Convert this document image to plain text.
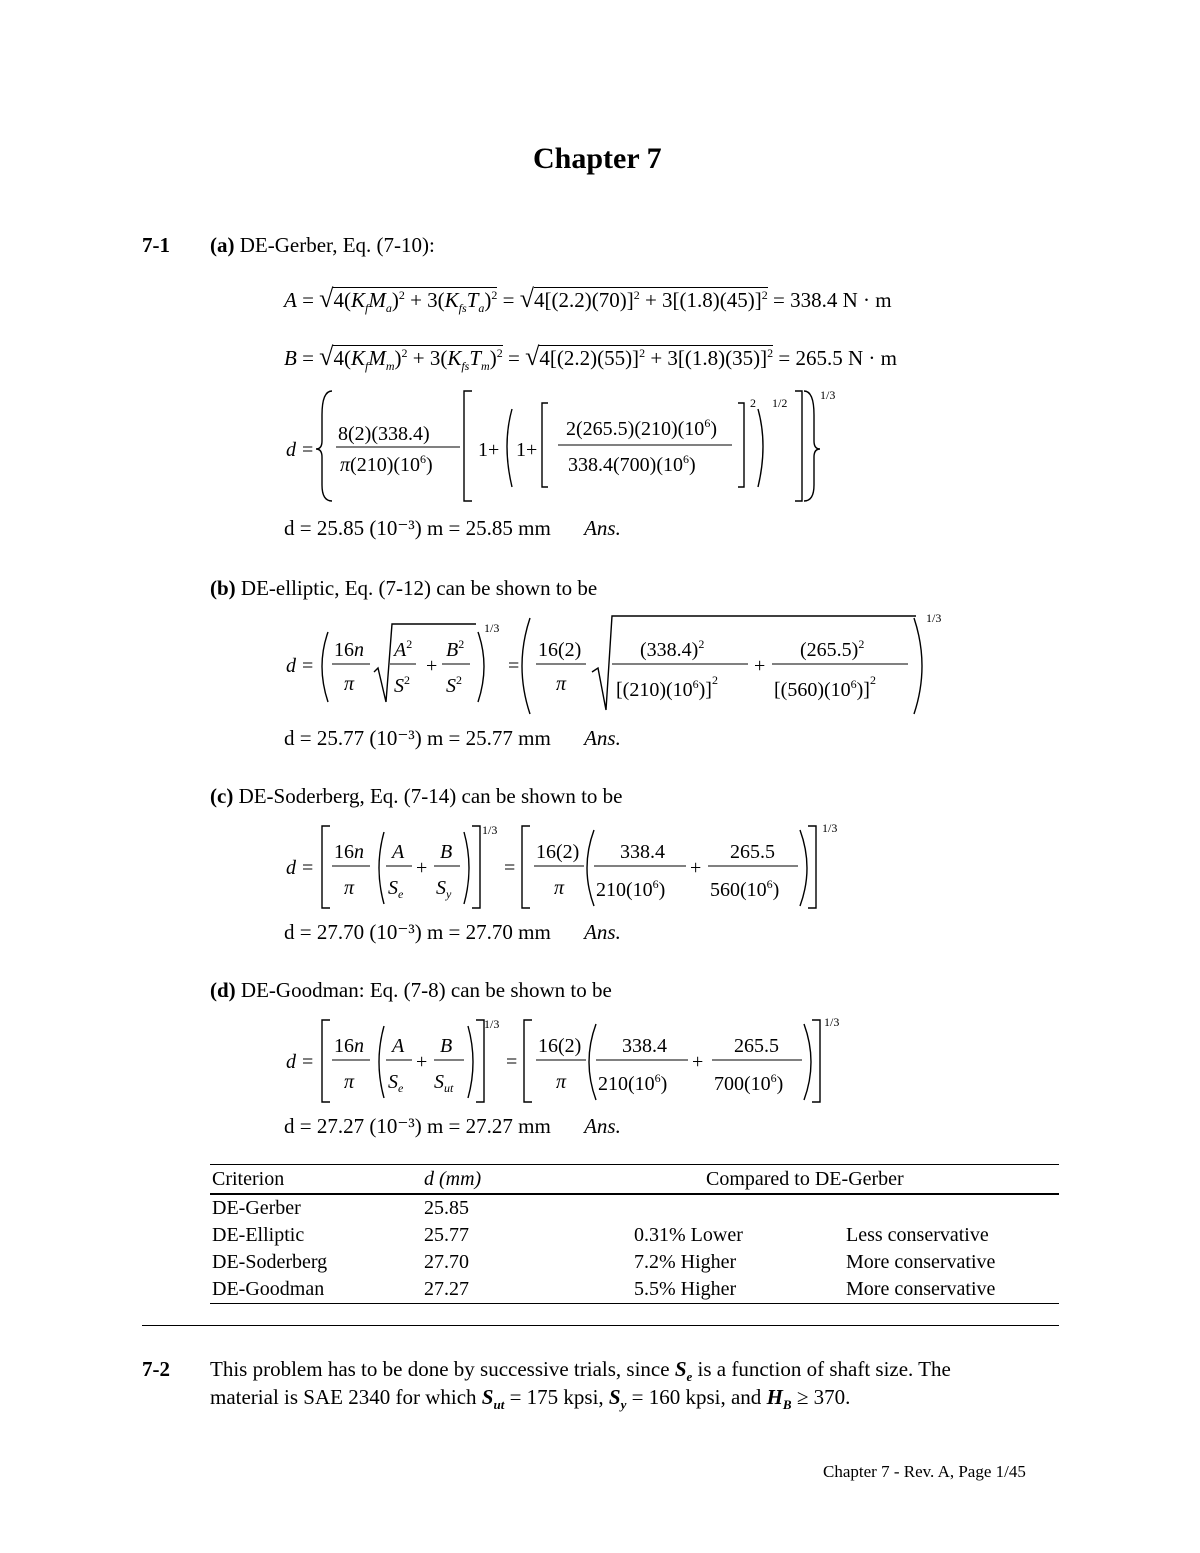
Chapter 7
7-1 (a) DE-Gerber, Eq. (7-10):
$A = √4(K_fM_a)^2 + 3(K_{fs}T_a)^2 = √4[(2.2)(70)]^2 + 3[(1.8)(45)]^2 = 338.4$ N · m
$B = √4(K_fM_m)^2 + 3(K_{fs}T_m)^2 = √4[(2.2)(55)]^2 + 3[(1.8)(35)]^2 = 265.5$ N · m
d =
8(2)(338.4)
$\pi(210)(10^6)$
1+ 1+
$2(265.5)(210)(10^6)$
$338.4(700)(10^6)$
2 1/2
1/3
d = 25.85 (10⁻³) m = 25.85 mm Ans.
(b) DE-elliptic, Eq. (7-12) can be shown to be
d =
16n
π
$A^2$
$S^2$
+
$B^2$
$S^2$
1/3
=
16(2)
π
$(338.4)^2$
$[(210)(10^6)]^2$
+
$(265.5)^2$
$[(560)(10^6)]^2$
1/3
d = 25.77 (10⁻³) m = 25.77 mm Ans.
(c) DE-Soderberg, Eq. (7-14) can be shown to be
d =
16n
π
A
$S_e$
+
B
$S_y$
1/3
=
16(2)
π
338.4
$210(10^6)$
+
265.5
$560(10^6)$
1/3
d = 27.70 (10⁻³) m = 27.70 mm Ans.
(d) DE-Goodman: Eq. (7-8) can be shown to be
d =
16n
π
A
$S_e$
+
B
$S_{ut}$
1/3
=
16(2)
π
338.4
$210(10^6)$
+
265.5
$700(10^6)$
1/3
d = 27.27 (10⁻³) m = 27.27 mm Ans.
Criterion	d (mm)	Compared to DE-Gerber
DE-Gerber	25.85
DE-Elliptic	25.77	0.31% Lower	Less conservative
DE-Soderberg	27.70	7.2% Higher	More conservative
DE-Goodman	27.27	5.5% Higher	More conservative
7-2 This problem has to be done by successive trials, since $S_e$ is a function of shaft size. The
material is SAE 2340 for which $S_{ut} = 175$ kpsi, $S_y = 160$ kpsi, and $H_B \ge 370$.
Chapter 7 - Rev. A, Page 1/45
